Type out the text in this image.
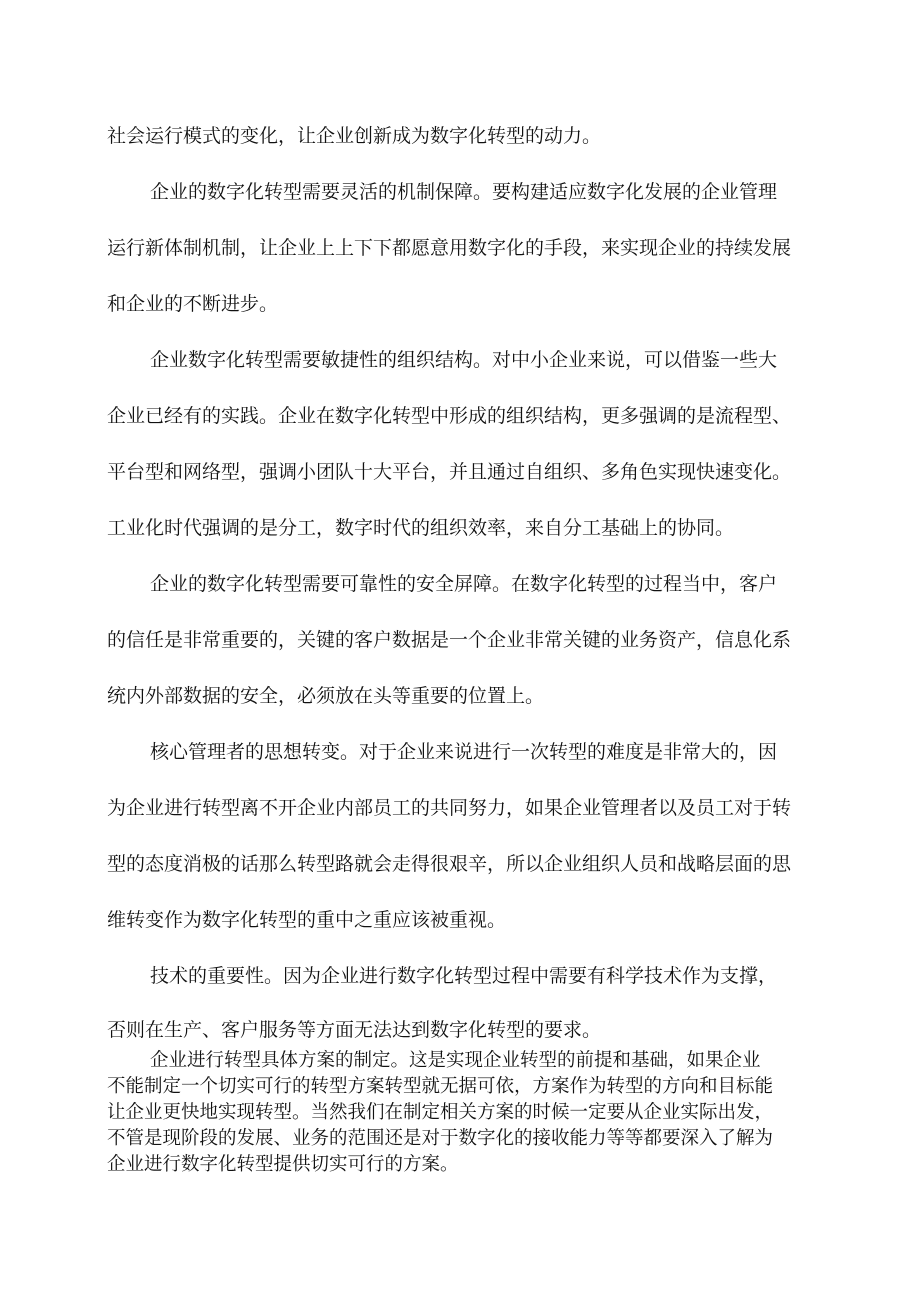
社会运行模式的变化，让企业创新成为数字化转型的动力。

企业的数字化转型需要灵活的机制保障。要构建适应数字化发展的企业管理

运行新体制机制，让企业上上下下都愿意用数字化的手段，来实现企业的持续发展

和企业的不断进步。

企业数字化转型需要敏捷性的组织结构。对中小企业来说，可以借鉴一些大

企业已经有的实践。企业在数字化转型中形成的组织结构，更多强调的是流程型、

平台型和网络型，强调小团队十大平台，并且通过自组织、多角色实现快速变化。

工业化时代强调的是分工，数字时代的组织效率，来自分工基础上的协同。

企业的数字化转型需要可靠性的安全屏障。在数字化转型的过程当中，客户

的信任是非常重要的，关键的客户数据是一个企业非常关键的业务资产，信息化系

统内外部数据的安全，必须放在头等重要的位置上。

核心管理者的思想转变。对于企业来说进行一次转型的难度是非常大的，因

为企业进行转型离不开企业内部员工的共同努力，如果企业管理者以及员工对于转

型的态度消极的话那么转型路就会走得很艰辛，所以企业组织人员和战略层面的思

维转变作为数字化转型的重中之重应该被重视。

技术的重要性。因为企业进行数字化转型过程中需要有科学技术作为支撑，

否则在生产、客户服务等方面无法达到数字化转型的要求。

企业进行转型具体方案的制定。这是实现企业转型的前提和基础，如果企业

不能制定一个切实可行的转型方案转型就无据可依，方案作为转型的方向和目标能

让企业更快地实现转型。当然我们在制定相关方案的时候一定要从企业实际出发，

不管是现阶段的发展、业务的范围还是对于数字化的接收能力等等都要深入了解为

企业进行数字化转型提供切实可行的方案。
